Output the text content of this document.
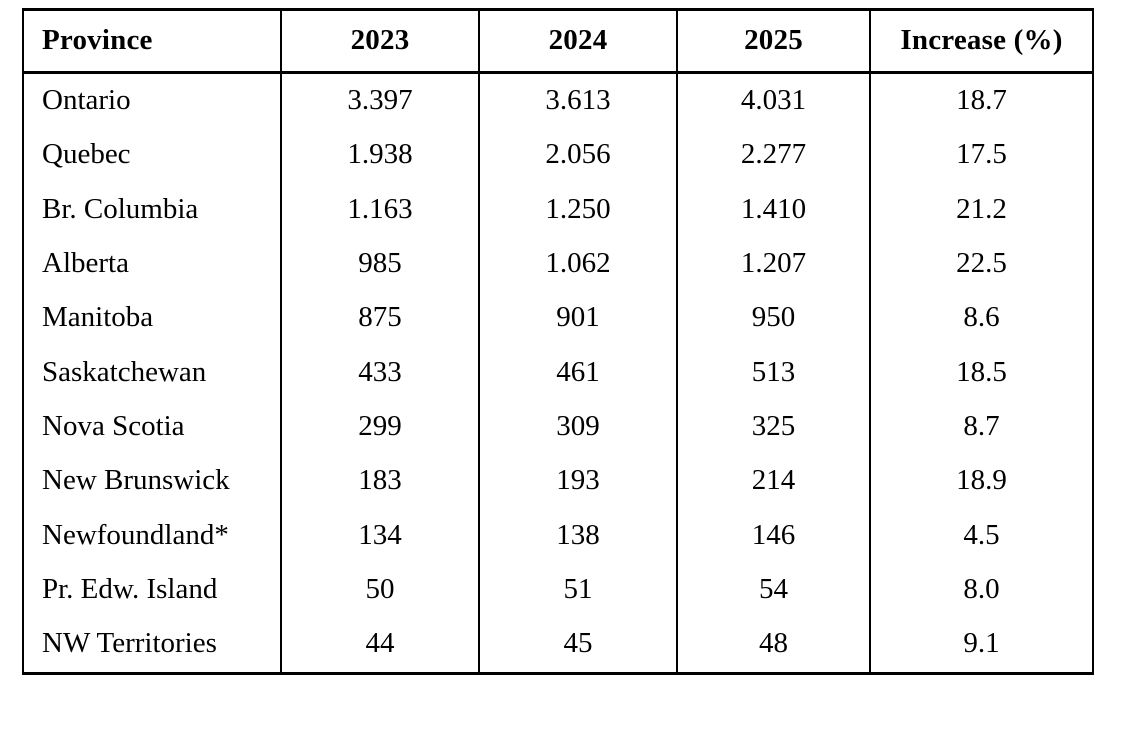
Province	2023	2024	2025	Increase (%)
Ontario	3.397	3.613	4.031	18.7
Quebec	1.938	2.056	2.277	17.5
Br. Columbia	1.163	1.250	1.410	21.2
Alberta	985	1.062	1.207	22.5
Manitoba	875	901	950	8.6
Saskatchewan	433	461	513	18.5
Nova Scotia	299	309	325	8.7
New Brunswick	183	193	214	18.9
Newfoundland*	134	138	146	4.5
Pr. Edw. Island	50	51	54	8.0
NW Territories	44	45	48	9.1
